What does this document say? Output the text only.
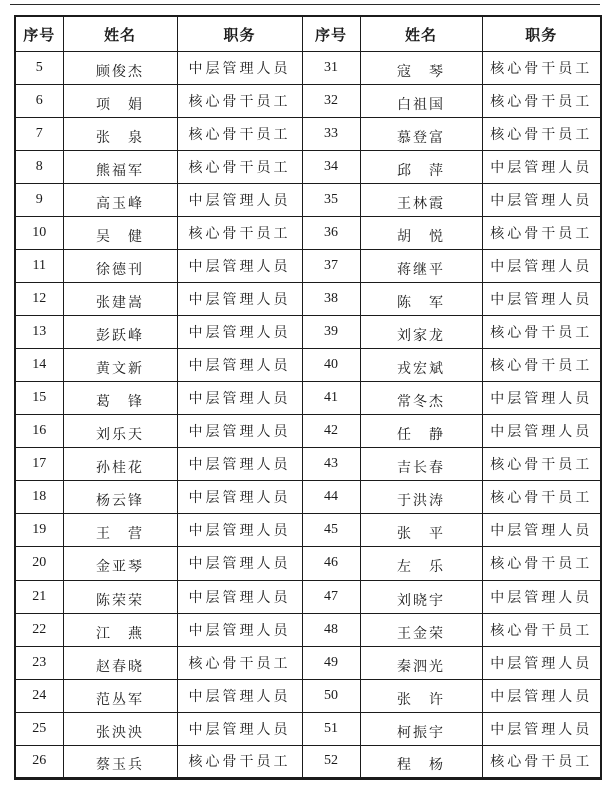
序号	姓名	职务	序号	姓名	职务
5	顾俊杰	中层管理人员	31	寇　琴	核心骨干员工
6	项　娟	核心骨干员工	32	白祖国	核心骨干员工
7	张　泉	核心骨干员工	33	慕登富	核心骨干员工
8	熊福军	核心骨干员工	34	邱　萍	中层管理人员
9	高玉峰	中层管理人员	35	王林霞	中层管理人员
10	吴　健	核心骨干员工	36	胡　悦	核心骨干员工
11	徐德刊	中层管理人员	37	蒋继平	中层管理人员
12	张建嵩	中层管理人员	38	陈　军	中层管理人员
13	彭跃峰	中层管理人员	39	刘家龙	核心骨干员工
14	黄文新	中层管理人员	40	戎宏斌	核心骨干员工
15	葛　锋	中层管理人员	41	常冬杰	中层管理人员
16	刘乐天	中层管理人员	42	任　静	中层管理人员
17	孙桂花	中层管理人员	43	吉长春	核心骨干员工
18	杨云锋	中层管理人员	44	于洪涛	核心骨干员工
19	王　营	中层管理人员	45	张　平	中层管理人员
20	金亚琴	中层管理人员	46	左　乐	核心骨干员工
21	陈荣荣	中层管理人员	47	刘晓宇	中层管理人员
22	江　燕	中层管理人员	48	王金荣	核心骨干员工
23	赵春晓	核心骨干员工	49	秦泗光	中层管理人员
24	范丛军	中层管理人员	50	张　许	中层管理人员
25	张泱泱	中层管理人员	51	柯振宇	中层管理人员
26	蔡玉兵	核心骨干员工	52	程　杨	核心骨干员工
